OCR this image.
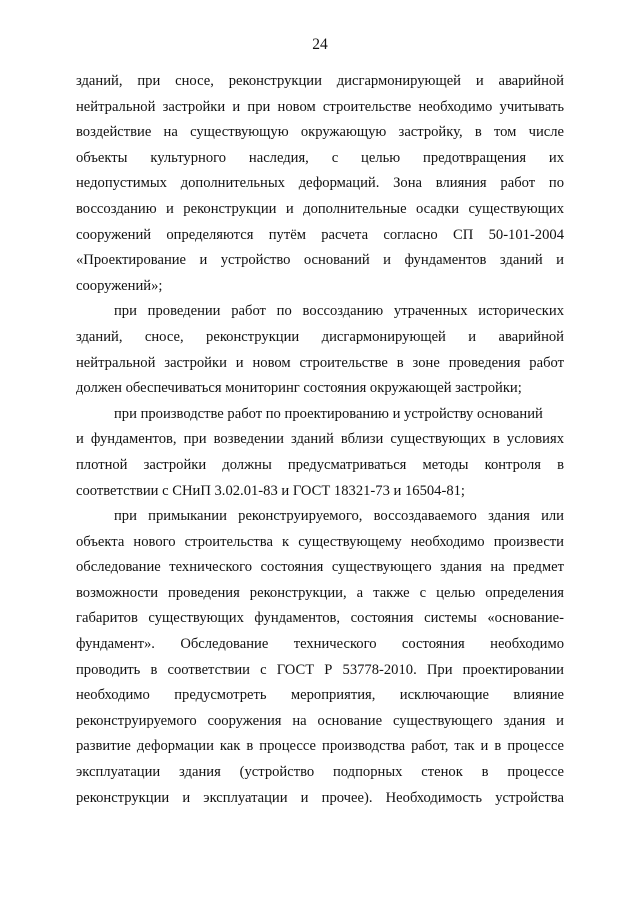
24
зданий, при сносе, реконструкции дисгармонирующей и аварийной
нейтральной застройки и при новом строительстве необходимо учитывать
воздействие на существующую окружающую застройку, в том числе
объекты культурного наследия, с целью предотвращения их
недопустимых дополнительных деформаций. Зона влияния работ по
воссозданию и реконструкции и дополнительные осадки существующих
сооружений определяются путём расчета согласно СП 50-101-2004
«Проектирование и устройство оснований и фундаментов зданий и
сооружений»;
при проведении работ по воссозданию утраченных исторических
зданий, сносе, реконструкции дисгармонирующей и аварийной
нейтральной застройки и новом строительстве в зоне проведения работ
должен обеспечиваться мониторинг состояния окружающей застройки;
при производстве работ по проектированию и устройству оснований
и фундаментов, при возведении зданий вблизи существующих в условиях
плотной застройки должны предусматриваться методы контроля в
соответствии с СНиП 3.02.01-83 и ГОСТ 18321-73 и 16504-81;
при примыкании реконструируемого, воссоздаваемого здания или
объекта нового строительства к существующему необходимо произвести
обследование технического состояния существующего здания на предмет
возможности проведения реконструкции, а также с целью определения
габаритов существующих фундаментов, состояния системы «основание-
фундамент». Обследование технического состояния необходимо
проводить в соответствии с ГОСТ Р 53778-2010. При проектировании
необходимо предусмотреть мероприятия, исключающие влияние
реконструируемого сооружения на основание существующего здания и
развитие деформации как в процессе производства работ, так и в процессе
эксплуатации здания (устройство подпорных стенок в процессе
реконструкции и эксплуатации и прочее). Необходимость устройства
